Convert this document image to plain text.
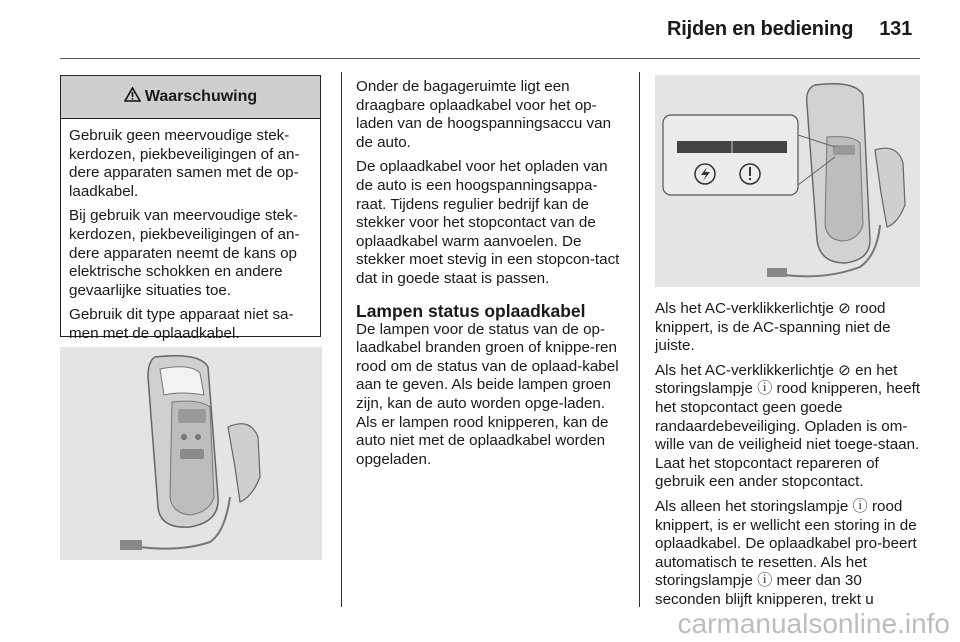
Rijden en bediening 131
Waarschuwing

Gebruik geen meervoudige stek-kerdozen, piekbeveiligingen of an-dere apparaten samen met de op-laadkabel.

Bij gebruik van meervoudige stek-kerdozen, piekbeveiligingen of an-dere apparaten neemt de kans op elektrische schokken en andere gevaarlijke situaties toe.

Gebruik dit type apparaat niet sa-men met de oplaadkabel.

Onder de bagageruimte ligt een draagbare oplaadkabel voor het op-laden van de hoogspanningsaccu van de auto.

De oplaadkabel voor het opladen van de auto is een hoogspanningsappa-raat. Tijdens regulier bedrijf kan de stekker voor het stopcontact van de oplaadkabel warm aanvoelen. De stekker moet stevig in een stopcon-tact dat in goede staat is passen.

Lampen status oplaadkabel

De lampen voor de status van de op-laadkabel branden groen of knippe-ren rood om de status van de oplaad-kabel aan te geven. Als beide lampen groen zijn, kan de auto worden opge-laden. Als er lampen rood knipperen, kan de auto niet met de oplaadkabel worden opgeladen.

Als het AC-verklikkerlichtje ⊘ rood knippert, is de AC-spanning niet de juiste.

Als het AC-verklikkerlichtje ⊘ en het storingslampje ⓘ rood knipperen, heeft het stopcontact geen goede randaardebeveiliging. Opladen is om-wille van de veiligheid niet toege-staan. Laat het stopcontact repareren of gebruik een ander stopcontact.

Als alleen het storingslampje ⓘ rood knippert, is er wellicht een storing in de oplaadkabel. De oplaadkabel pro-beert automatisch te resetten. Als het storingslampje ⓘ meer dan 30 seconden blijft knipperen, trekt u

carmanualsonline.info
